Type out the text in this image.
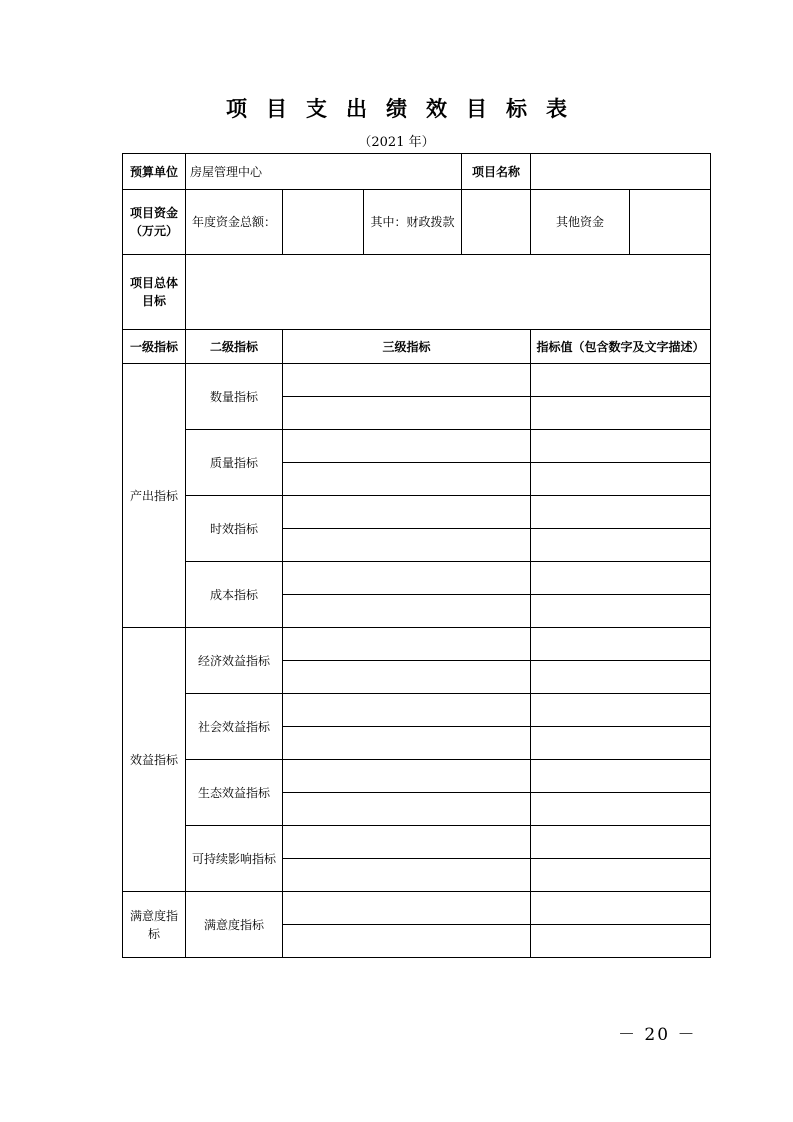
项目支出绩效目标表
（2021 年）
预算单位	房屋管理中心			项目名称		
项目资金（万元）	年度资金总额：		其中：财政拨款		其他资金	
项目总体目标						
一级指标	二级指标	三级指标			指标值（包含数字及文字描述）	
产出指标	数量指标					

	质量指标					

	时效指标					

	成本指标					

效益指标	经济效益指标					

	社会效益指标					

	生态效益指标					

	可持续影响指标					

满意度指标	满意度指标					

－ 20 －
